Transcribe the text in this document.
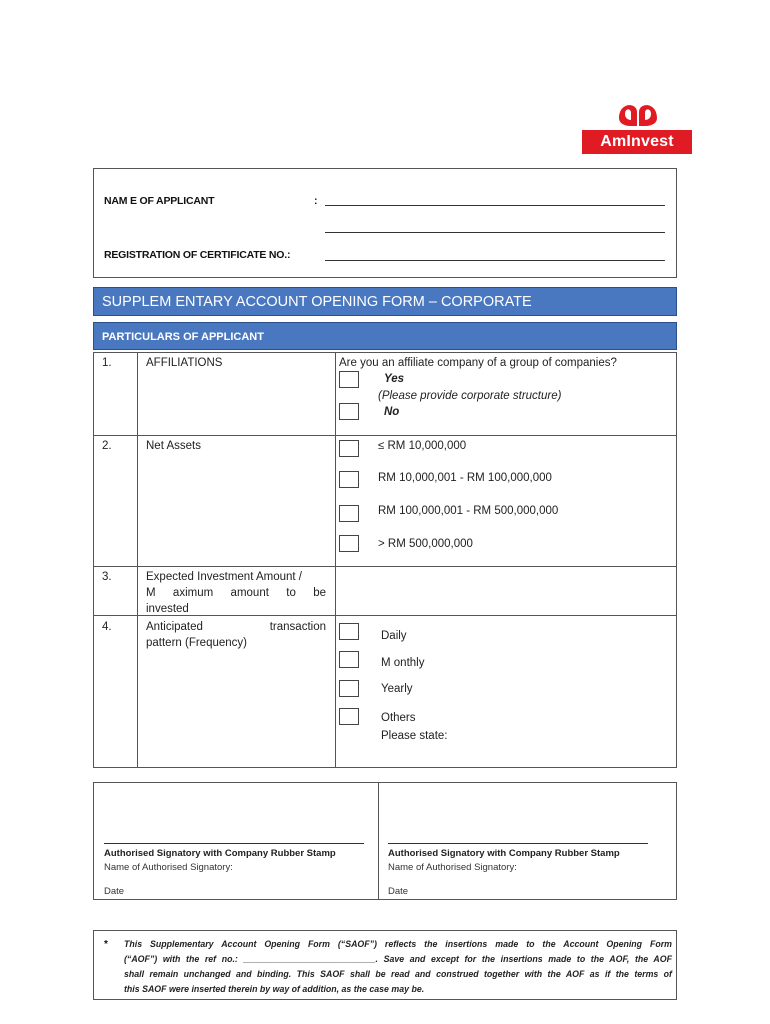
AmInvest
NAM E OF APPLICANT	:
REGISTRATION OF CERTIFICATE NO.:
SUPPLEM ENTARY ACCOUNT OPENING FORM – CORPORATE
PARTICULARS OF APPLICANT
1.	AFFILIATIONS	Are you an affiliate company of a group of companies?
Yes
(Please provide corporate structure)
No
2.	Net Assets	≤ RM 10,000,000
RM 10,000,001 - RM 100,000,000
RM 100,000,001 - RM 500,000,000
> RM 500,000,000
3.	Expected Investment Amount /
M aximum amount to be
invested
4.	Anticipated transaction
pattern (Frequency)
Daily
M onthly
Yearly
Others
Please state:
Authorised Signatory with Company Rubber Stamp
Name of Authorised Signatory:
Date
Authorised Signatory with Company Rubber Stamp
Name of Authorised Signatory:
Date
* This Supplementary Account Opening Form (“SAOF”) reflects the insertions made to the Account Opening Form
(“AOF”) with the ref no.: ___________________________. Save and except for the insertions made to the AOF, the AOF
shall remain unchanged and binding. This SAOF shall be read and construed together with the AOF as if the terms of
this SAOF were inserted therein by way of addition, as the case may be.
